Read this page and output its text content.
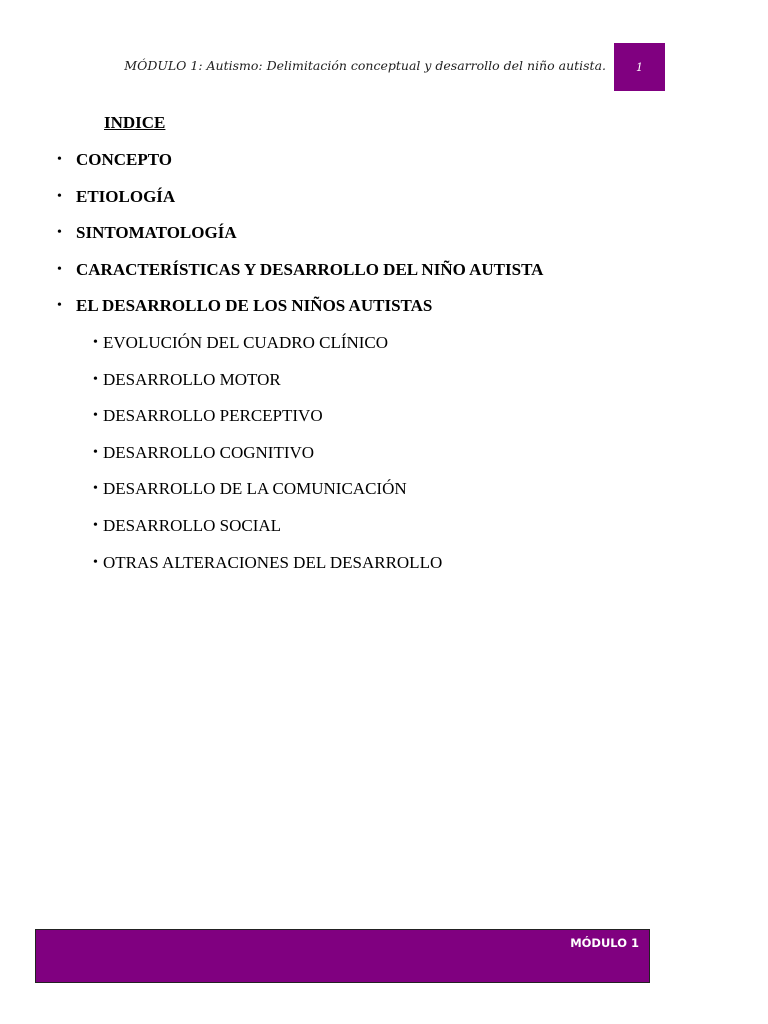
MÓDULO 1: Autismo: Delimitación conceptual y desarrollo del niño autista.	1
INDICE
• CONCEPTO
• ETIOLOGÍA
• SINTOMATOLOGÍA
• CARACTERÍSTICAS Y DESARROLLO DEL NIÑO AUTISTA
• EL DESARROLLO DE LOS NIÑOS AUTISTAS
• EVOLUCIÓN DEL CUADRO CLÍNICO
• DESARROLLO MOTOR
• DESARROLLO PERCEPTIVO
• DESARROLLO COGNITIVO
• DESARROLLO DE LA COMUNICACIÓN
• DESARROLLO SOCIAL
• OTRAS ALTERACIONES DEL DESARROLLO
MÓDULO 1
